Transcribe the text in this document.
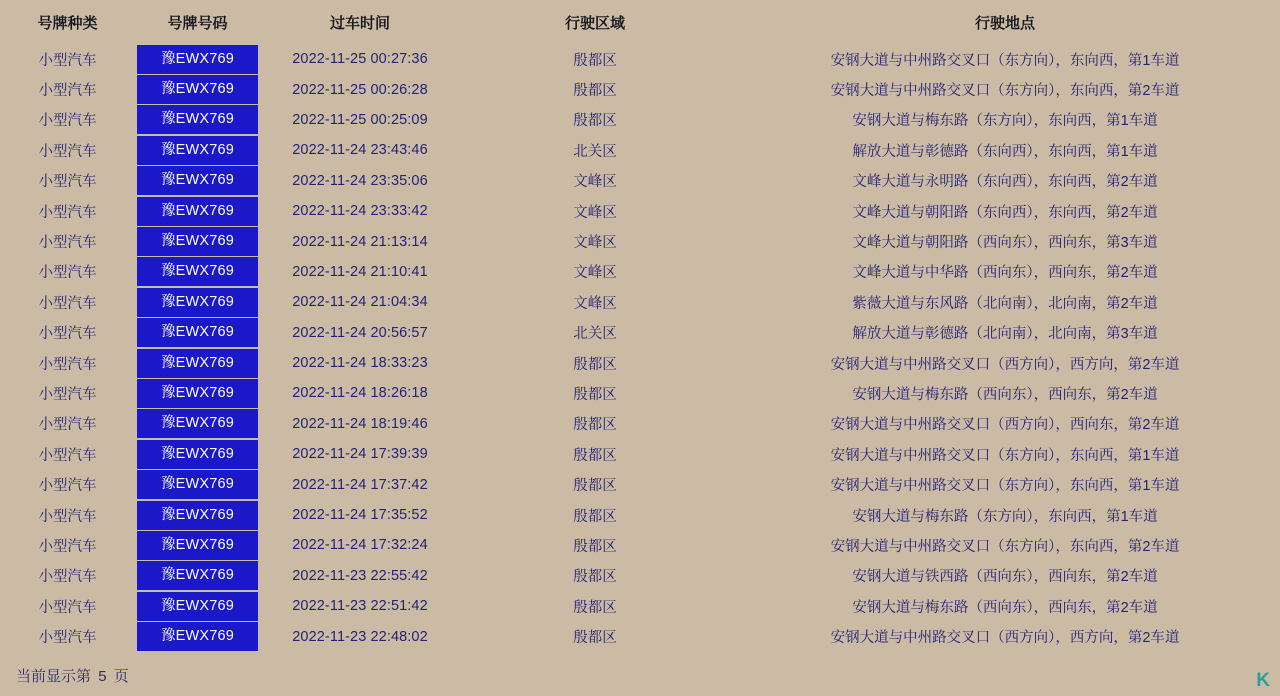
号牌种类	号牌号码	过车时间	行驶区域	行驶地点
小型汽车	豫EWX769	2022-11-25 00:27:36	殷都区	安钢大道与中州路交叉口（东方向），东向西，第1车道
小型汽车	豫EWX769	2022-11-25 00:26:28	殷都区	安钢大道与中州路交叉口（东方向），东向西，第2车道
小型汽车	豫EWX769	2022-11-25 00:25:09	殷都区	安钢大道与梅东路（东方向），东向西，第1车道
小型汽车	豫EWX769	2022-11-24 23:43:46	北关区	解放大道与彰德路（东向西），东向西，第1车道
小型汽车	豫EWX769	2022-11-24 23:35:06	文峰区	文峰大道与永明路（东向西），东向西，第2车道
小型汽车	豫EWX769	2022-11-24 23:33:42	文峰区	文峰大道与朝阳路（东向西），东向西，第2车道
小型汽车	豫EWX769	2022-11-24 21:13:14	文峰区	文峰大道与朝阳路（西向东），西向东，第3车道
小型汽车	豫EWX769	2022-11-24 21:10:41	文峰区	文峰大道与中华路（西向东），西向东，第2车道
小型汽车	豫EWX769	2022-11-24 21:04:34	文峰区	紫薇大道与东风路（北向南），北向南，第2车道
小型汽车	豫EWX769	2022-11-24 20:56:57	北关区	解放大道与彰德路（北向南），北向南，第3车道
小型汽车	豫EWX769	2022-11-24 18:33:23	殷都区	安钢大道与中州路交叉口（西方向），西方向，第2车道
小型汽车	豫EWX769	2022-11-24 18:26:18	殷都区	安钢大道与梅东路（西向东），西向东，第2车道
小型汽车	豫EWX769	2022-11-24 18:19:46	殷都区	安钢大道与中州路交叉口（西方向），西向东，第2车道
小型汽车	豫EWX769	2022-11-24 17:39:39	殷都区	安钢大道与中州路交叉口（东方向），东向西，第1车道
小型汽车	豫EWX769	2022-11-24 17:37:42	殷都区	安钢大道与中州路交叉口（东方向），东向西，第1车道
小型汽车	豫EWX769	2022-11-24 17:35:52	殷都区	安钢大道与梅东路（东方向），东向西，第1车道
小型汽车	豫EWX769	2022-11-24 17:32:24	殷都区	安钢大道与中州路交叉口（东方向），东向西，第2车道
小型汽车	豫EWX769	2022-11-23 22:55:42	殷都区	安钢大道与铁西路（西向东），西向东，第2车道
小型汽车	豫EWX769	2022-11-23 22:51:42	殷都区	安钢大道与梅东路（西向东），西向东，第2车道
小型汽车	豫EWX769	2022-11-23 22:48:02	殷都区	安钢大道与中州路交叉口（西方向），西方向，第2车道
当前显示第 5 页	K
